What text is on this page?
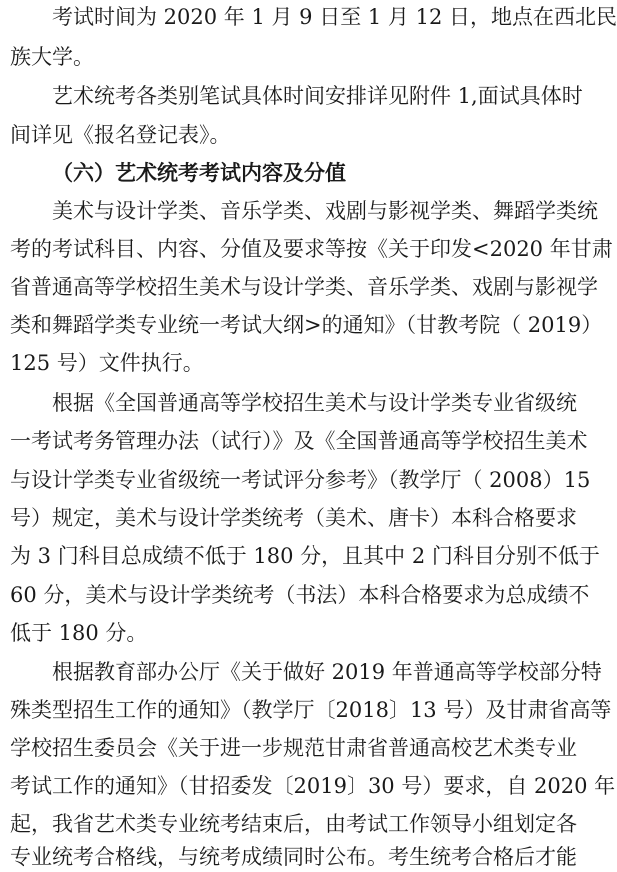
考试时间为 2020 年 1 月 9 日至 1 月 12 日，地点在西北民
族大学。
艺术统考各类别笔试具体时间安排详见附件 1,面试具体时
间详见《报名登记表》。
（六）艺术统考考试内容及分值
美术与设计学类、音乐学类、戏剧与影视学类、舞蹈学类统
考的考试科目、内容、分值及要求等按《关于印发<2020 年甘肃
省普通高等学校招生美术与设计学类、音乐学类、戏剧与影视学
类和舞蹈学类专业统一考试大纲>的通知》（甘教考院（ 2019）
125 号）文件执行。
根据《全国普通高等学校招生美术与设计学类专业省级统
一考试考务管理办法（试行）》及《全国普通高等学校招生美术
与设计学类专业省级统一考试评分参考》（教学厅（ 2008）15
号）规定，美术与设计学类统考（美术、唐卡）本科合格要求
为 3 门科目总成绩不低于 180 分，且其中 2 门科目分别不低于
60 分，美术与设计学类统考（书法）本科合格要求为总成绩不
低于 180 分。
根据教育部办公厅《关于做好 2019 年普通高等学校部分特
殊类型招生工作的通知》（教学厅〔2018〕13 号）及甘肃省高等
学校招生委员会《关于进一步规范甘肃省普通高校艺术类专业
考试工作的通知》（甘招委发〔2019〕30 号）要求，自 2020 年
起，我省艺术类专业统考结束后，由考试工作领导小组划定各
专业统考合格线，与统考成绩同时公布。考生统考合格后才能
